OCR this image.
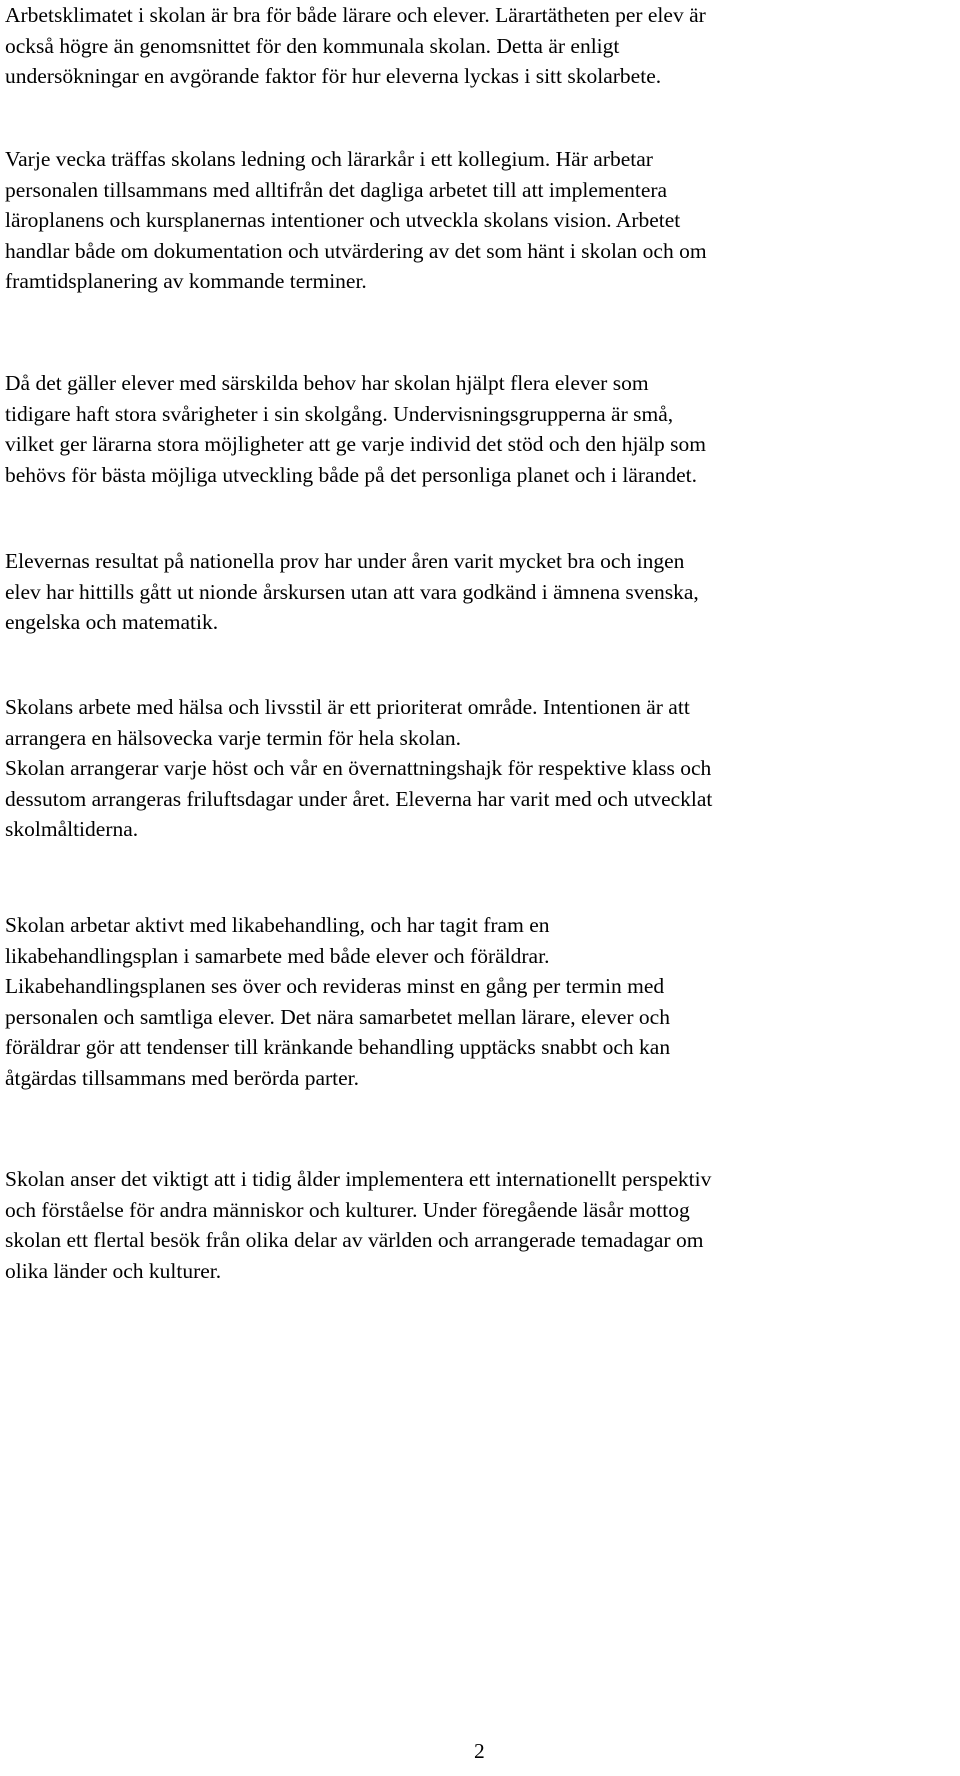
Arbetsklimatet i skolan är bra för både lärare och elever. Lärartätheten per elev är
också högre än genomsnittet för den kommunala skolan. Detta är enligt
undersökningar en avgörande faktor för hur eleverna lyckas i sitt skolarbete.

Varje vecka träffas skolans ledning och lärarkår i ett kollegium. Här arbetar
personalen tillsammans med alltifrån det dagliga arbetet till att implementera
läroplanens och kursplanernas intentioner och utveckla skolans vision. Arbetet
handlar både om dokumentation och utvärdering av det som hänt i skolan och om
framtidsplanering av kommande terminer.

Då det gäller elever med särskilda behov har skolan hjälpt flera elever som
tidigare haft stora svårigheter i sin skolgång. Undervisningsgrupperna är små,
vilket ger lärarna stora möjligheter att ge varje individ det stöd och den hjälp som
behövs för bästa möjliga utveckling både på det personliga planet och i lärandet.

Elevernas resultat på nationella prov har under åren varit mycket bra och ingen
elev har hittills gått ut nionde årskursen utan att vara godkänd i ämnena svenska,
engelska och matematik.

Skolans arbete med hälsa och livsstil är ett prioriterat område. Intentionen är att
arrangera en hälsovecka varje termin för hela skolan.
Skolan arrangerar varje höst och vår en övernattningshajk för respektive klass och
dessutom arrangeras friluftsdagar under året. Eleverna har varit med och utvecklat
skolmåltiderna.

Skolan arbetar aktivt med likabehandling, och har tagit fram en
likabehandlingsplan i samarbete med både elever och föräldrar.
Likabehandlingsplanen ses över och revideras minst en gång per termin med
personalen och samtliga elever. Det nära samarbetet mellan lärare, elever och
föräldrar gör att tendenser till kränkande behandling upptäcks snabbt och kan
åtgärdas tillsammans med berörda parter.

Skolan anser det viktigt att i tidig ålder implementera ett internationellt perspektiv
och förståelse för andra människor och kulturer. Under föregående läsår mottog
skolan ett flertal besök från olika delar av världen och arrangerade temadagar om
olika länder och kulturer.

2
